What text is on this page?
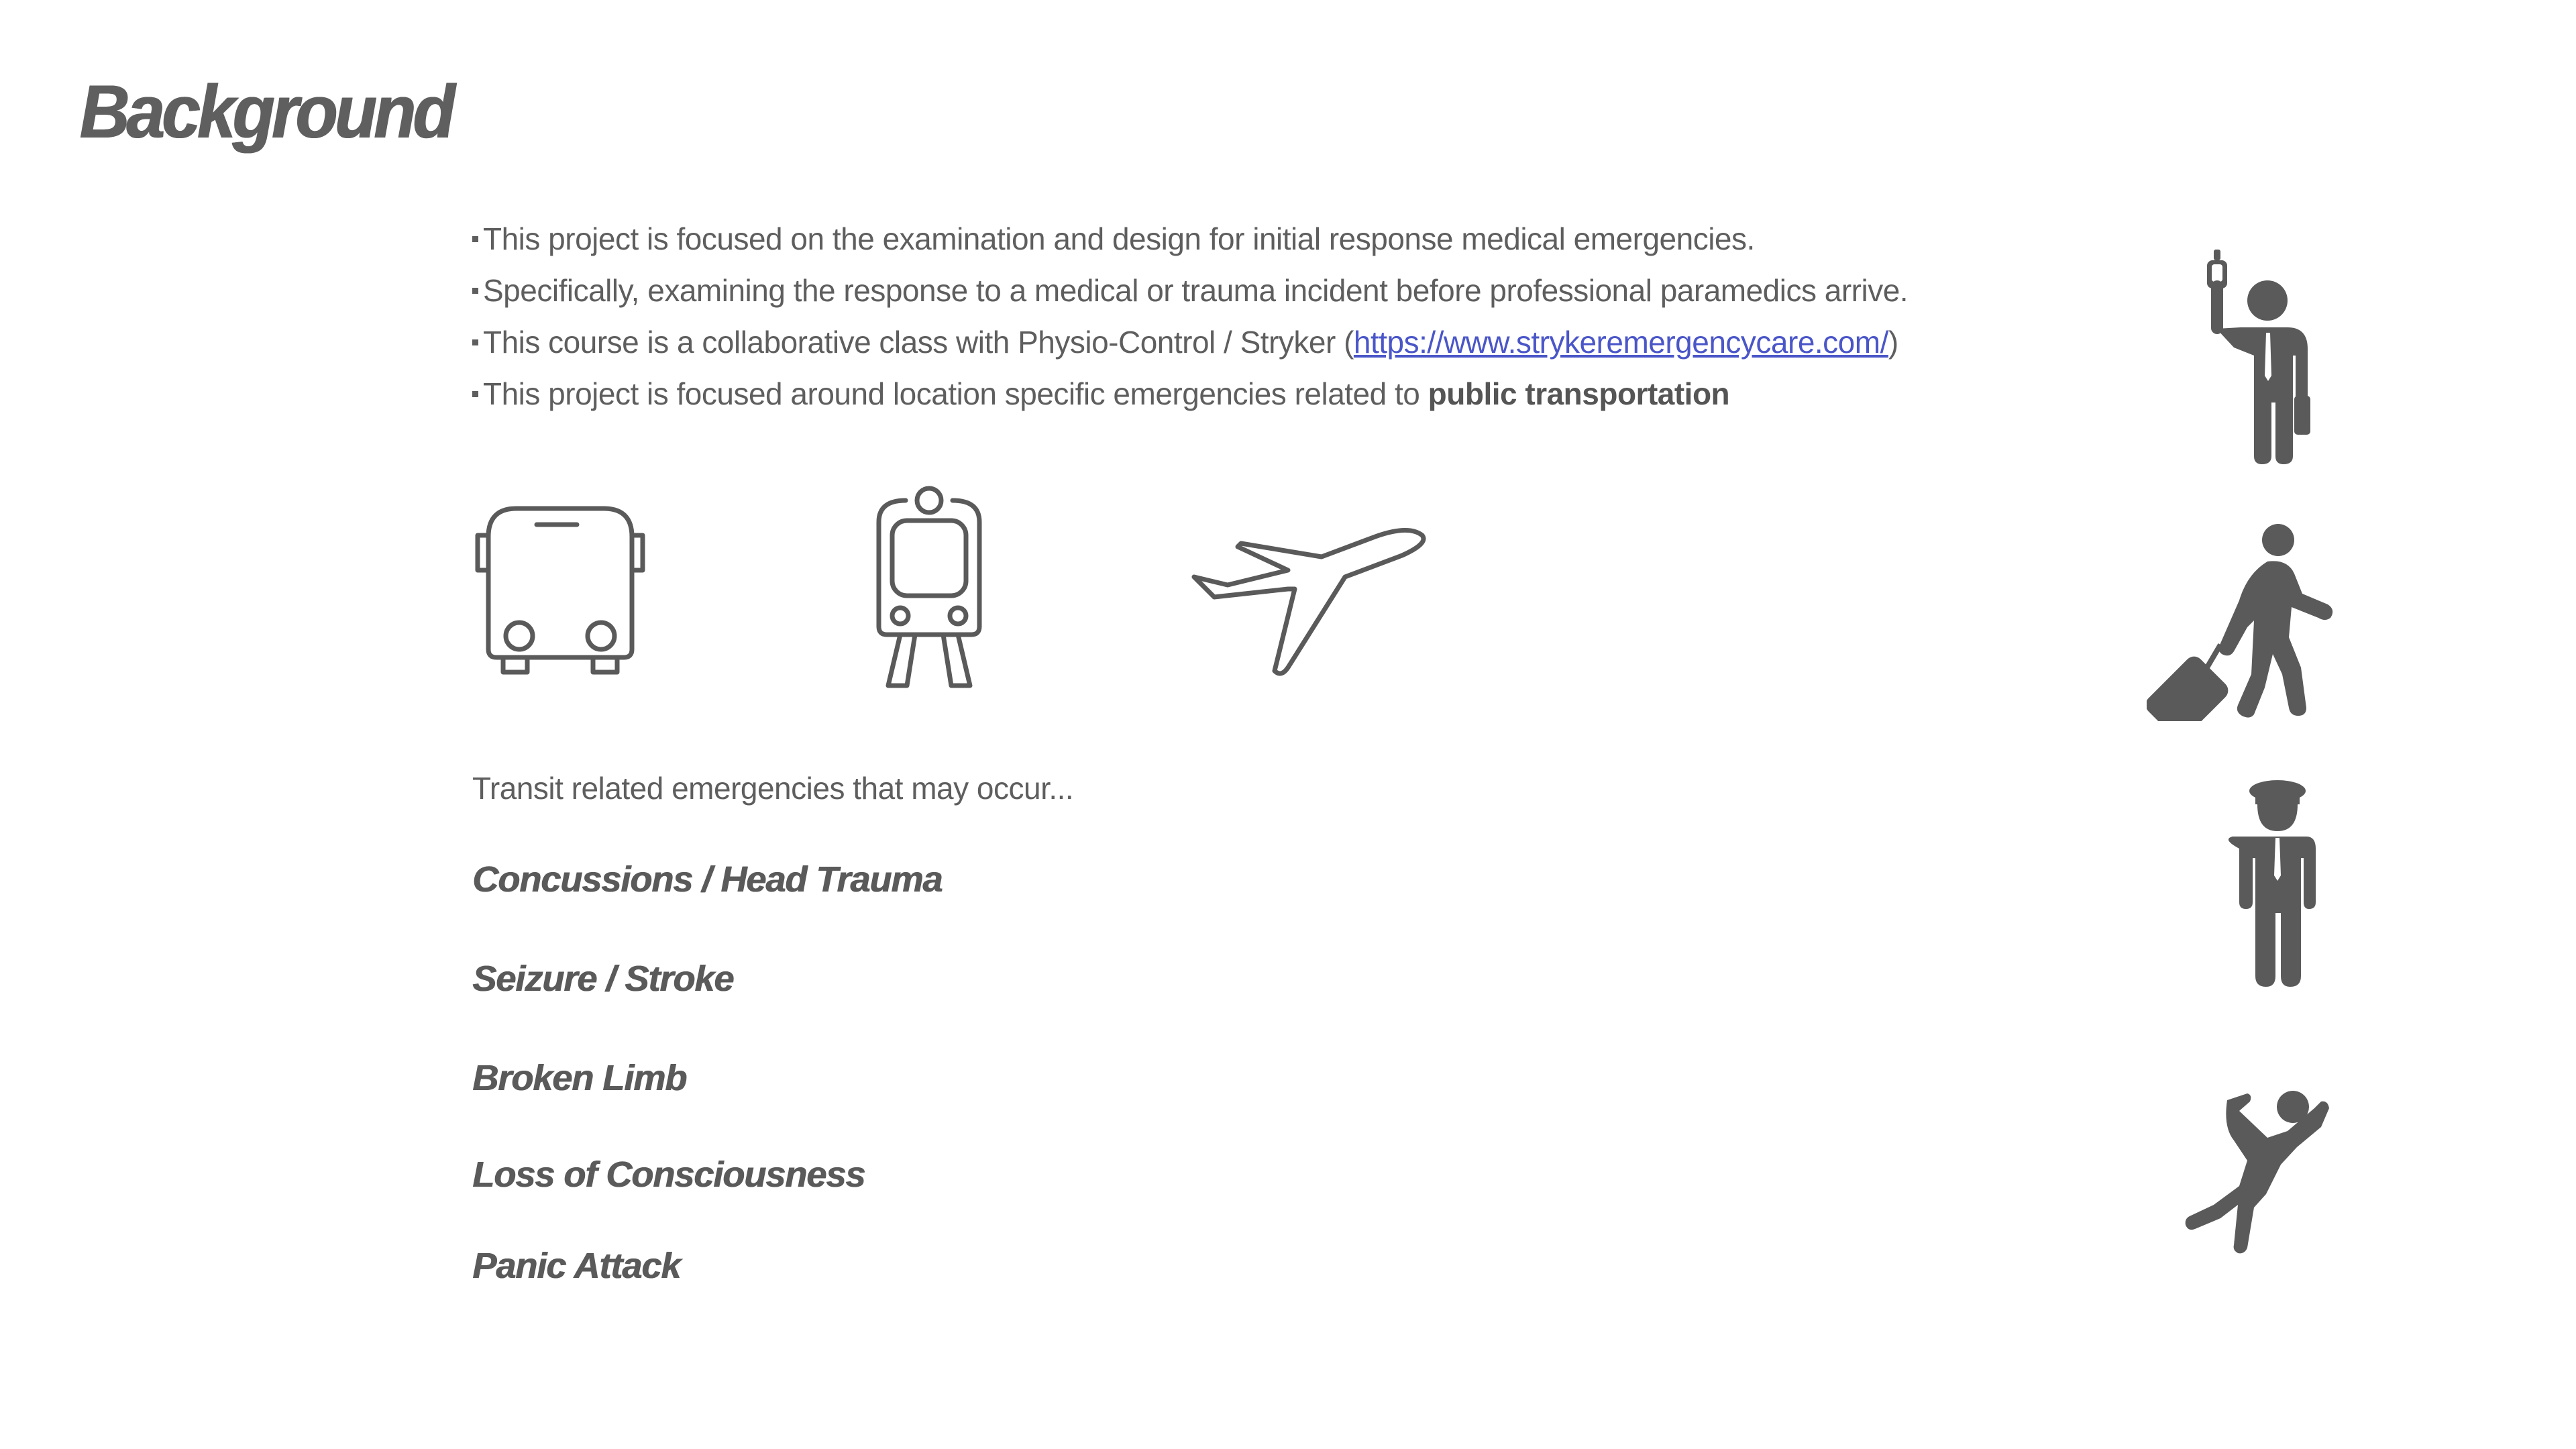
Background
This project is focused on the examination and design for initial response medical emergencies.
Specifically, examining the response to a medical or trauma incident before professional paramedics arrive.
This course is a collaborative class with Physio-Control / Stryker (https://www.strykeremergencycare.com/)
This project is focused around location specific emergencies related to public transportation
Transit related emergencies that may occur...
Concussions / Head Trauma
Seizure / Stroke
Broken Limb
Loss of Consciousness
Panic Attack
